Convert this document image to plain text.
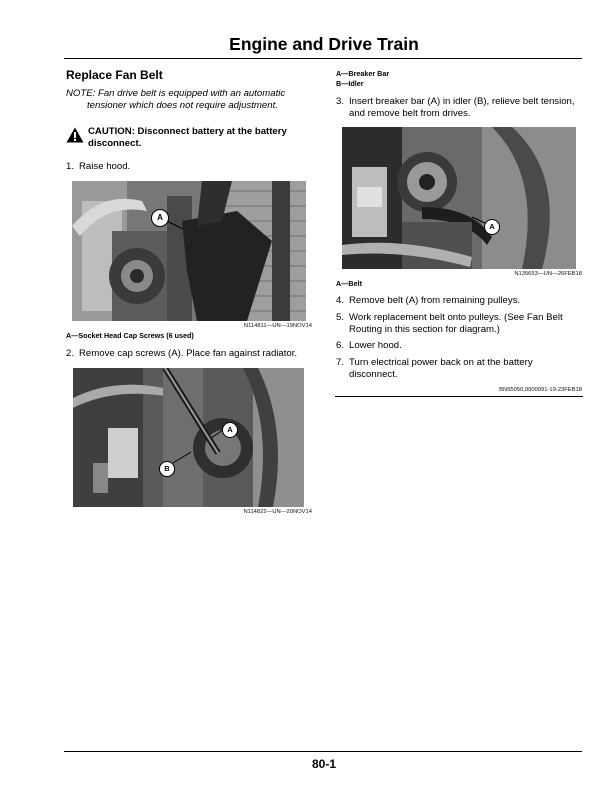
Engine and Drive Train
Replace Fan Belt
NOTE: Fan drive belt is equipped with an automatic
tensioner which does not require adjustment.
CAUTION: Disconnect battery at the battery
disconnect.
1. Raise hood.
A
N114811—UN—19NOV14
A—Socket Head Cap Screws (6 used)
2. Remove cap screws (A). Place fan against radiator.
A
B
N114822—UN—20NOV14
A—Breaker Bar
B—Idler
3. Insert breaker bar (A) in idler (B), relieve belt tension,
and remove belt from drives.
A
N135653—UN—26FEB18
A—Belt
4. Remove belt (A) from remaining pulleys.
5. Work replacement belt onto pulleys. (See Fan Belt
Routing in this section for diagram.)
6. Lower hood.
7. Turn electrical power back on at the battery
disconnect.
BN55050,0000091-19-23FEB18
80-1
